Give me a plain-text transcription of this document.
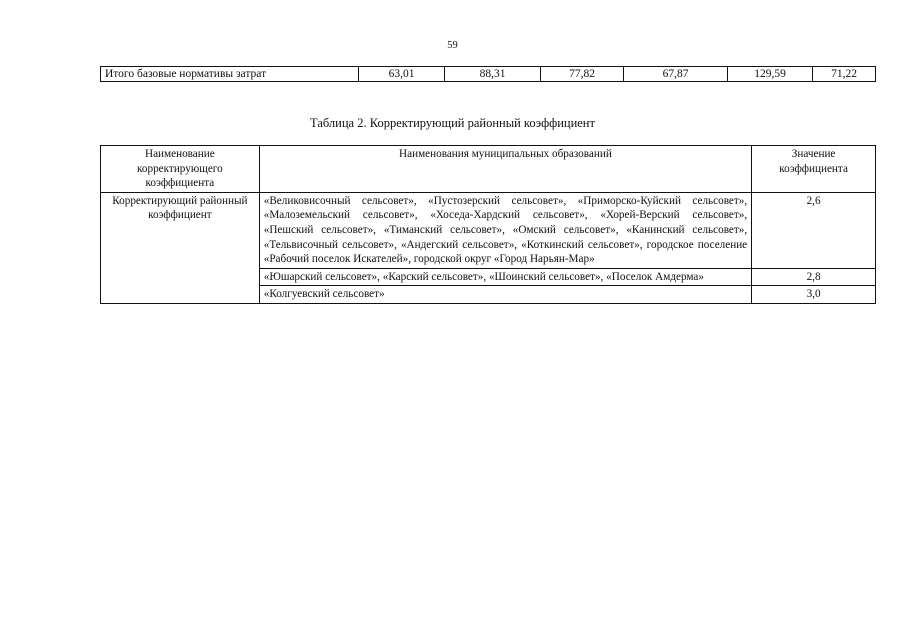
59
Итого базовые нормативы затрат	63,01	88,31	77,82	67,87	129,59	71,22
Таблица 2. Корректирующий районный коэффициент
Наименование корректирующего коэффициента	Наименования муниципальных образований	Значение коэффициента
Корректирующий районный коэффициент	«Великовисочный сельсовет», «Пустозерский сельсовет», «Приморско-Куйский сельсовет», «Малоземельский сельсовет», «Хоседа-Хардский сельсовет», «Хорей-Верский сельсовет», «Пешский сельсовет», «Тиманский сельсовет», «Омский сельсовет», «Канинский сельсовет», «Тельвисочный сельсовет», «Андегский сельсовет», «Коткинский сельсовет», городское поселение «Рабочий поселок Искателей», городской округ «Город Нарьян-Мар»	2,6
	«Юшарский сельсовет», «Карский сельсовет», «Шоинский сельсовет», «Поселок Амдерма»	2,8
	«Колгуевский сельсовет»	3,0
